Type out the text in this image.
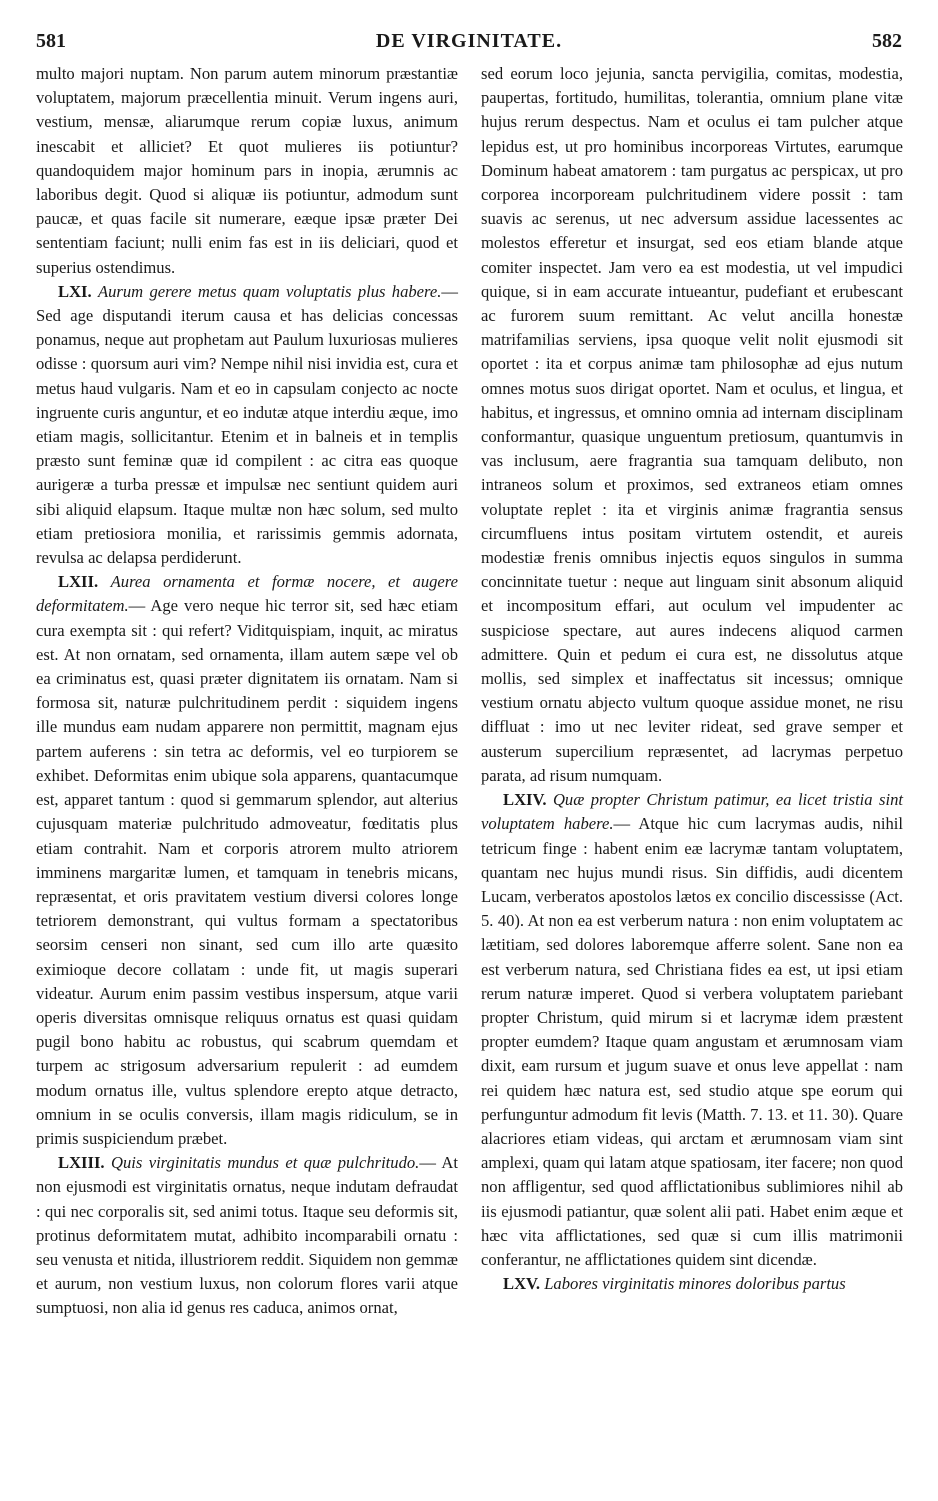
581	DE VIRGINITATE.	582

multo majori nuptam. Non parum autem minorum præstantiæ voluptatem, majorum præcellentia minuit. Verum ingens auri, vestium, mensæ, aliarumque rerum copiæ luxus, animum inescabit et alliciet? Et quot mulieres iis potiuntur? quandoquidem major hominum pars in inopia, ærumnis ac laboribus degit. Quod si aliquæ iis potiuntur, admodum sunt paucæ, et quas facile sit numerare, eæque ipsæ præter Dei sententiam faciunt; nulli enim fas est in iis deliciari, quod et superius ostendimus.

LXI. Aurum gerere metus quam voluptatis plus habere.— Sed age disputandi iterum causa et has delicias concessas ponamus, neque aut prophetam aut Paulum luxuriosas mulieres odisse : quorsum auri vim? Nempe nihil nisi invidia est, cura et metus haud vulgaris. Nam et eo in capsulam conjecto ac nocte ingruente curis anguntur, et eo indutæ atque interdiu æque, imo etiam magis, sollicitantur. Etenim et in balneis et in templis præsto sunt feminæ quæ id compilent : ac citra eas quoque aurigeræ a turba pressæ et impulsæ nec sentiunt quidem auri sibi aliquid elapsum. Itaque multæ non hæc solum, sed multo etiam pretiosiora monilia, et rarissimis gemmis adornata, revulsa ac delapsa perdiderunt.

LXII. Aurea ornamenta et formæ nocere, et augere deformitatem.— Age vero neque hic terror sit, sed hæc etiam cura exempta sit : qui refert? Viditquispiam, inquit, ac miratus est. At non ornatam, sed ornamenta, illam autem sæpe vel ob ea criminatus est, quasi præter dignitatem iis ornatam. Nam si formosa sit, naturæ pulchritudinem perdit : siquidem ingens ille mundus eam nudam apparere non permittit, magnam ejus partem auferens : sin tetra ac deformis, vel eo turpiorem se exhibet. Deformitas enim ubique sola apparens, quantacumque est, apparet tantum : quod si gemmarum splendor, aut alterius cujusquam materiæ pulchritudo admoveatur, fœditatis plus etiam contrahit. Nam et corporis atrorem multo atriorem imminens margaritæ lumen, et tamquam in tenebris micans, repræsentat, et oris pravitatem vestium diversi colores longe tetriorem demonstrant, qui vultus formam a spectatoribus seorsim censeri non sinant, sed cum illo arte quæsito eximioque decore collatam : unde fit, ut magis superari videatur. Aurum enim passim vestibus inspersum, atque varii operis diversitas omnisque reliquus ornatus est quasi quidam pugil bono habitu ac robustus, qui scabrum quemdam et turpem ac strigosum adversarium repulerit : ad eumdem modum ornatus ille, vultus splendore erepto atque detracto, omnium in se oculis conversis, illam magis ridiculum, se in primis suspiciendum præbet.

LXIII. Quis virginitatis mundus et quæ pulchritudo.— At non ejusmodi est virginitatis ornatus, neque indutam defraudat : qui nec corporalis sit, sed animi totus. Itaque seu deformis sit, protinus deformitatem mutat, adhibito incomparabili ornatu : seu venusta et nitida, illustriorem reddit. Siquidem non gemmæ et aurum, non vestium luxus, non colorum flores varii atque sumptuosi, non alia id genus res caduca, animos ornat,

sed eorum loco jejunia, sancta pervigilia, comitas, modestia, paupertas, fortitudo, humilitas, tolerantia, omnium plane vitæ hujus rerum despectus. Nam et oculus ei tam pulcher atque lepidus est, ut pro hominibus incorporeas Virtutes, earumque Dominum habeat amatorem : tam purgatus ac perspicax, ut pro corporea incorpoream pulchritudinem videre possit : tam suavis ac serenus, ut nec adversum assidue lacessentes ac molestos efferetur et insurgat, sed eos etiam blande atque comiter inspectet. Jam vero ea est modestia, ut vel impudici quique, si in eam accurate intueantur, pudefiant et erubescant ac furorem suum remittant. Ac velut ancilla honestæ matrifamilias serviens, ipsa quoque velit nolit ejusmodi sit oportet : ita et corpus animæ tam philosophæ ad ejus nutum omnes motus suos dirigat oportet. Nam et oculus, et lingua, et habitus, et ingressus, et omnino omnia ad internam disciplinam conformantur, quasique unguentum pretiosum, quantumvis in vas inclusum, aere fragrantia sua tamquam delibuto, non intraneos solum et proximos, sed extraneos etiam omnes voluptate replet : ita et virginis animæ fragrantia sensus circumfluens intus positam virtutem ostendit, et aureis modestiæ frenis omnibus injectis equos singulos in summa concinnitate tuetur : neque aut linguam sinit absonum aliquid et incompositum effari, aut oculum vel impudenter ac suspiciose spectare, aut aures indecens aliquod carmen admittere. Quin et pedum ei cura est, ne dissolutus atque mollis, sed simplex et inaffectatus sit incessus; omnique vestium ornatu abjecto vultum quoque assidue monet, ne risu diffluat : imo ut nec leviter rideat, sed grave semper et austerum supercilium repræsentet, ad lacrymas perpetuo parata, ad risum numquam.

LXIV. Quæ propter Christum patimur, ea licet tristia sint voluptatem habere.— Atque hic cum lacrymas audis, nihil tetricum finge : habent enim eæ lacrymæ tantam voluptatem, quantam nec hujus mundi risus. Sin diffidis, audi dicentem Lucam, verberatos apostolos lætos ex concilio discessisse (Act. 5. 40). At non ea est verberum natura : non enim voluptatem ac lætitiam, sed dolores laboremque afferre solent. Sane non ea est verberum natura, sed Christiana fides ea est, ut ipsi etiam rerum naturæ imperet. Quod si verbera voluptatem pariebant propter Christum, quid mirum si et lacrymæ idem præstent propter eumdem? Itaque quam angustam et ærumnosam viam dixit, eam rursum et jugum suave et onus leve appellat : nam rei quidem hæc natura est, sed studio atque spe eorum qui perfunguntur admodum fit levis (Matth. 7. 13. et 11. 30). Quare alacriores etiam videas, qui arctam et ærumnosam viam sint amplexi, quam qui latam atque spatiosam, iter facere; non quod non affligentur, sed quod afflictationibus sublimiores nihil ab iis ejusmodi patiantur, quæ solent alii pati. Habet enim æque et hæc vita afflictationes, sed quæ si cum illis matrimonii conferantur, ne afflictationes quidem sint dicendæ.

LXV. Labores virginitatis minores doloribus partus
